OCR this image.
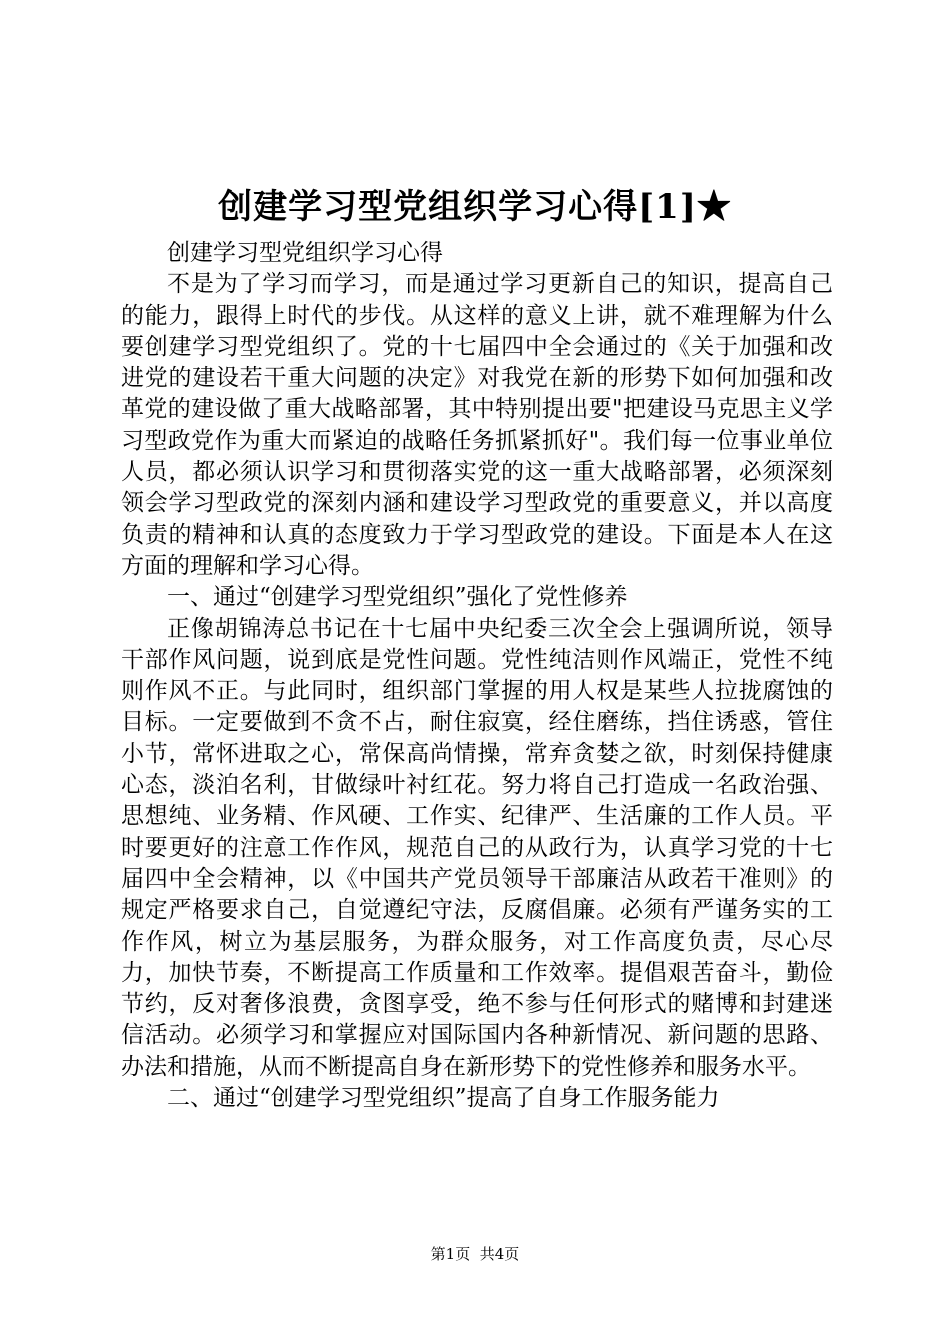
创建学习型党组织学习心得[1]★

创建学习型党组织学习心得

不是为了学习而学习，而是通过学习更新自己的知识，提高自己的能力，跟得上时代的步伐。从这样的意义上讲，就不难理解为什么要创建学习型党组织了。党的十七届四中全会通过的《关于加强和改进党的建设若干重大问题的决定》对我党在新的形势下如何加强和改革党的建设做了重大战略部署，其中特别提出要"把建设马克思主义学习型政党作为重大而紧迫的战略任务抓紧抓好"。我们每一位事业单位人员，都必须认识学习和贯彻落实党的这一重大战略部署，必须深刻领会学习型政党的深刻内涵和建设学习型政党的重要意义，并以高度负责的精神和认真的态度致力于学习型政党的建设。下面是本人在这方面的理解和学习心得。

一、通过“创建学习型党组织”强化了党性修养

正像胡锦涛总书记在十七届中央纪委三次全会上强调所说，领导干部作风问题，说到底是党性问题。党性纯洁则作风端正，党性不纯则作风不正。与此同时，组织部门掌握的用人权是某些人拉拢腐蚀的目标。一定要做到不贪不占，耐住寂寞，经住磨练，挡住诱惑，管住小节，常怀进取之心，常保高尚情操，常弃贪婪之欲，时刻保持健康心态，淡泊名利，甘做绿叶衬红花。努力将自己打造成一名政治强、思想纯、业务精、作风硬、工作实、纪律严、生活廉的工作人员。平时要更好的注意工作作风，规范自己的从政行为，认真学习党的十七届四中全会精神，以《中国共产党员领导干部廉洁从政若干准则》的规定严格要求自己，自觉遵纪守法，反腐倡廉。必须有严谨务实的工作作风，树立为基层服务，为群众服务，对工作高度负责，尽心尽力，加快节奏，不断提高工作质量和工作效率。提倡艰苦奋斗，勤俭节约，反对奢侈浪费，贪图享受，绝不参与任何形式的赌博和封建迷信活动。必须学习和掌握应对国际国内各种新情况、新问题的思路、办法和措施，从而不断提高自身在新形势下的党性修养和服务水平。

二、通过“创建学习型党组织”提高了自身工作服务能力

第1页 共4页
